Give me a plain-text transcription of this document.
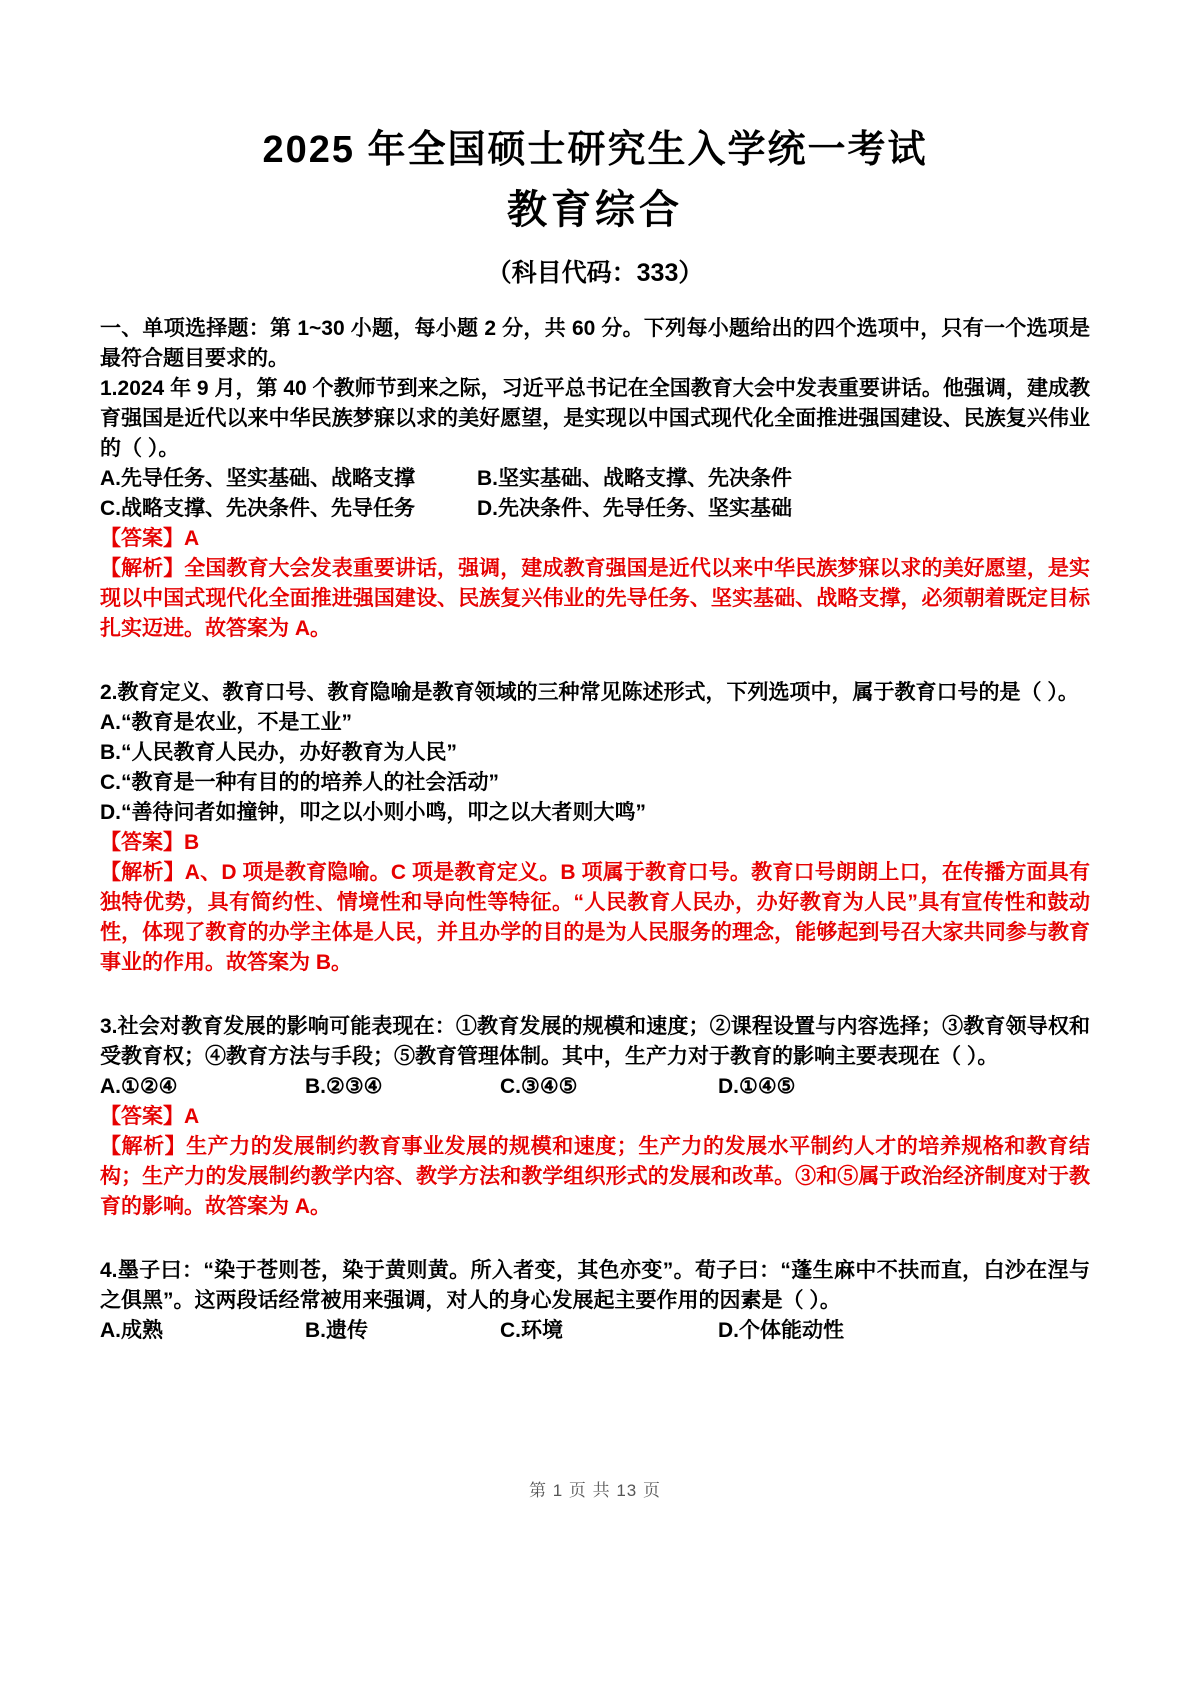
2025 年全国硕士研究生入学统一考试
教育综合
（科目代码：333）

一、单项选择题：第 1~30 小题，每小题 2 分，共 60 分。下列每小题给出的四个选项中，只有一个选项是最符合题目要求的。

1.2024 年 9 月，第 40 个教师节到来之际，习近平总书记在全国教育大会中发表重要讲话。他强调，建成教育强国是近代以来中华民族梦寐以求的美好愿望，是实现以中国式现代化全面推进强国建设、民族复兴伟业的（ ）。

A.先导任务、坚实基础、战略支撑	B.坚实基础、战略支撑、先决条件
C.战略支撑、先决条件、先导任务	D.先决条件、先导任务、坚实基础

【答案】A

【解析】全国教育大会发表重要讲话，强调，建成教育强国是近代以来中华民族梦寐以求的美好愿望，是实现以中国式现代化全面推进强国建设、民族复兴伟业的先导任务、坚实基础、战略支撑，必须朝着既定目标扎实迈进。故答案为 A。

2.教育定义、教育口号、教育隐喻是教育领域的三种常见陈述形式，下列选项中，属于教育口号的是（ ）。

A.“教育是农业，不是工业”

B.“人民教育人民办，办好教育为人民”

C.“教育是一种有目的的培养人的社会活动”

D.“善待问者如撞钟，叩之以小则小鸣，叩之以大者则大鸣”

【答案】B

【解析】A、D 项是教育隐喻。C 项是教育定义。B 项属于教育口号。教育口号朗朗上口，在传播方面具有独特优势，具有简约性、情境性和导向性等特征。“人民教育人民办，办好教育为人民”具有宣传性和鼓动性，体现了教育的办学主体是人民，并且办学的目的是为人民服务的理念，能够起到号召大家共同参与教育事业的作用。故答案为 B。

3.社会对教育发展的影响可能表现在：①教育发展的规模和速度；②课程设置与内容选择；③教育领导权和受教育权；④教育方法与手段；⑤教育管理体制。其中，生产力对于教育的影响主要表现在（ ）。

A.①②④	B.②③④	C.③④⑤	D.①④⑤

【答案】A

【解析】生产力的发展制约教育事业发展的规模和速度；生产力的发展水平制约人才的培养规格和教育结构；生产力的发展制约教学内容、教学方法和教学组织形式的发展和改革。③和⑤属于政治经济制度对于教育的影响。故答案为 A。

4.墨子曰：“染于苍则苍，染于黄则黄。所入者变，其色亦变”。荀子曰：“蓬生麻中不扶而直，白沙在涅与之俱黑”。这两段话经常被用来强调，对人的身心发展起主要作用的因素是（ ）。

A.成熟	B.遗传	C.环境	D.个体能动性
第 1 页 共 13 页
